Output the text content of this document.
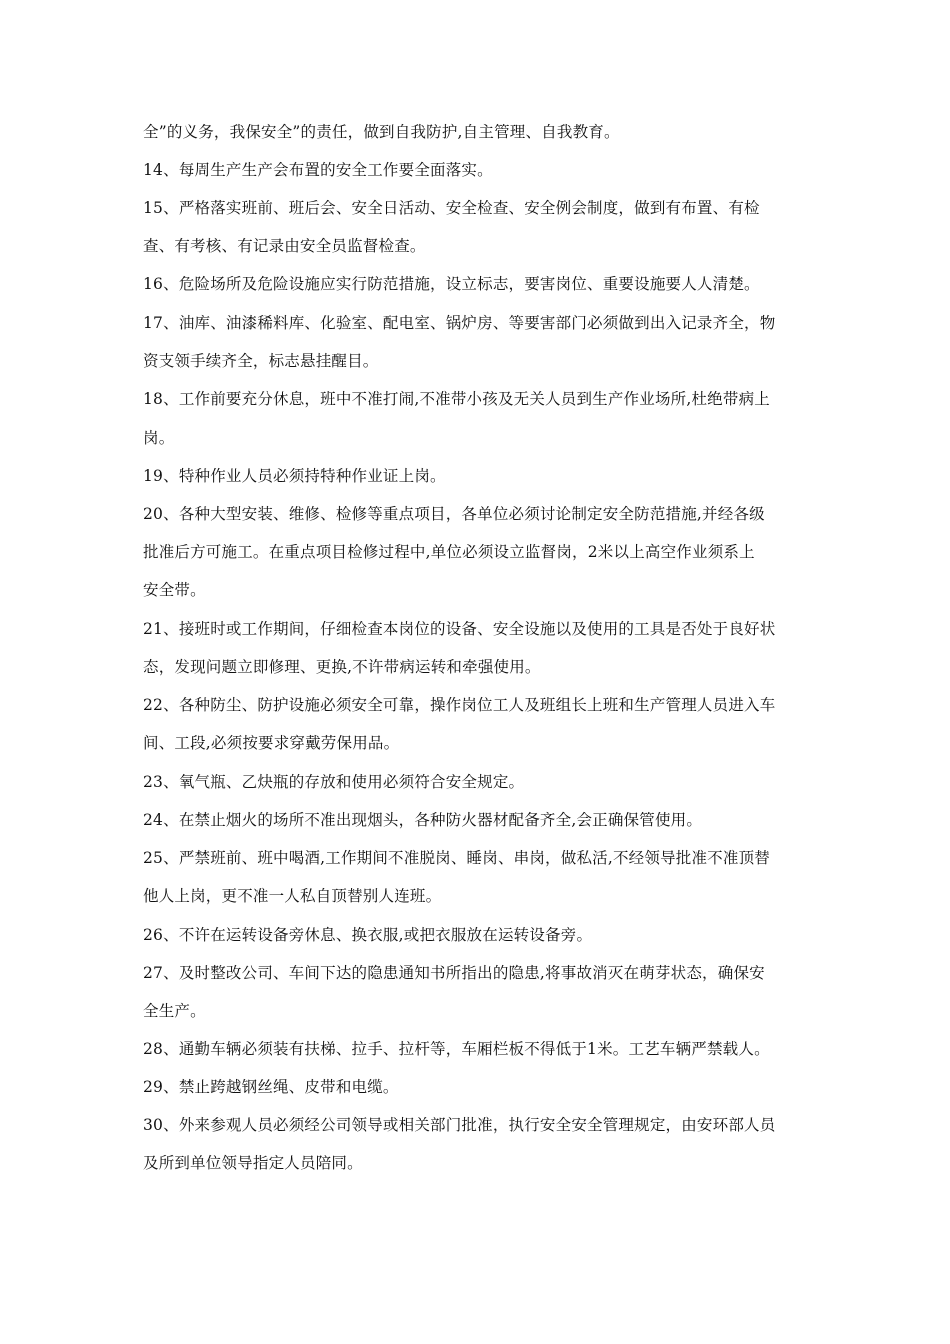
全”的义务，我保安全”的责任，做到自我防护,自主管理、自我教育。
14、每周生产生产会布置的安全工作要全面落实。
15、严格落实班前、班后会、安全日活动、安全检查、安全例会制度，做到有布置、有检
查、有考核、有记录由安全员监督检查。
16、危险场所及危险设施应实行防范措施，设立标志，要害岗位、重要设施要人人清楚。
17、油库、油漆稀料库、化验室、配电室、锅炉房、等要害部门必须做到出入记录齐全，物
资支领手续齐全，标志悬挂醒目。
18、工作前要充分休息，班中不准打闹,不准带小孩及无关人员到生产作业场所,杜绝带病上
岗。
19、特种作业人员必须持特种作业证上岗。
20、各种大型安装、维修、检修等重点项目，各单位必须讨论制定安全防范措施,并经各级
批准后方可施工。在重点项目检修过程中,单位必须设立监督岗，2米以上高空作业须系上
安全带。
21、接班时或工作期间，仔细检查本岗位的设备、安全设施以及使用的工具是否处于良好状
态，发现问题立即修理、更换,不许带病运转和牵强使用。
22、各种防尘、防护设施必须安全可靠，操作岗位工人及班组长上班和生产管理人员进入车
间、工段,必须按要求穿戴劳保用品。
23、氧气瓶、乙炔瓶的存放和使用必须符合安全规定。
24、在禁止烟火的场所不准出现烟头，各种防火器材配备齐全,会正确保管使用。
25、严禁班前、班中喝酒,工作期间不准脱岗、睡岗、串岗，做私活,不经领导批准不准顶替
他人上岗，更不准一人私自顶替别人连班。
26、不许在运转设备旁休息、换衣服,或把衣服放在运转设备旁。
27、及时整改公司、车间下达的隐患通知书所指出的隐患,将事故消灭在萌芽状态，确保安
全生产。
28、通勤车辆必须装有扶梯、拉手、拉杆等，车厢栏板不得低于1米。工艺车辆严禁载人。
29、禁止跨越钢丝绳、皮带和电缆。
30、外来参观人员必须经公司领导或相关部门批准，执行安全安全管理规定，由安环部人员
及所到单位领导指定人员陪同。
